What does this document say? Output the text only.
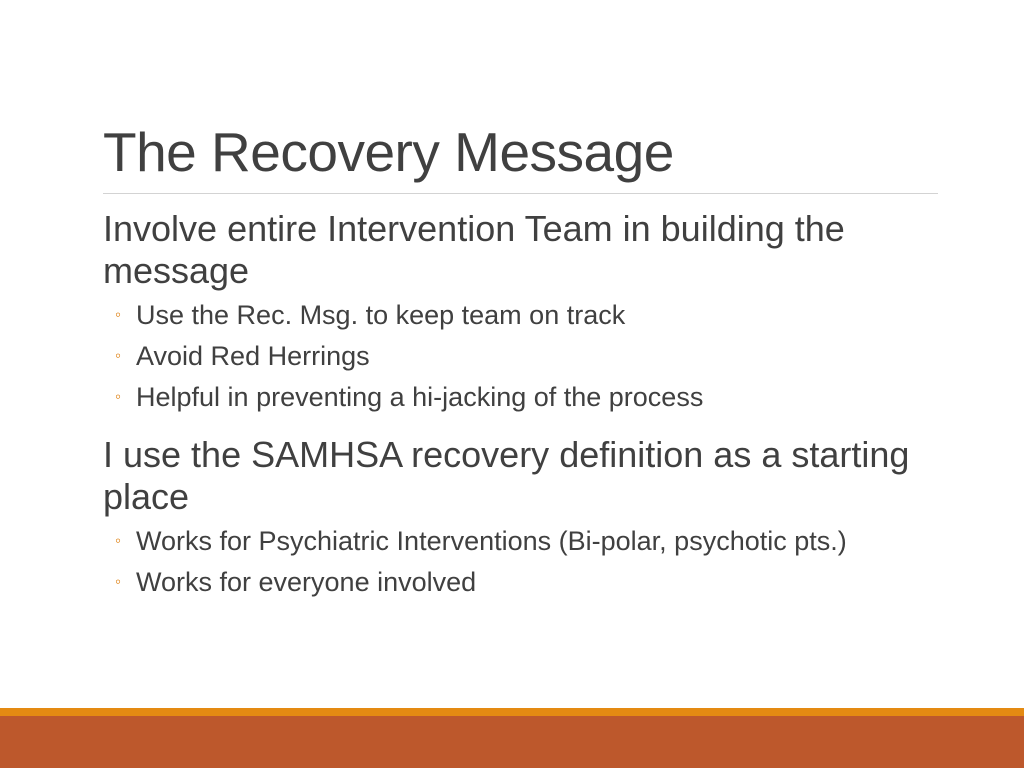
The Recovery Message

Involve entire Intervention Team in building the message

◦ Use the Rec. Msg. to keep team on track
◦ Avoid Red Herrings
◦ Helpful in preventing a hi-jacking of the process

I use the SAMHSA recovery definition as a starting place

◦ Works for Psychiatric Interventions (Bi-polar, psychotic pts.)
◦ Works for everyone involved
